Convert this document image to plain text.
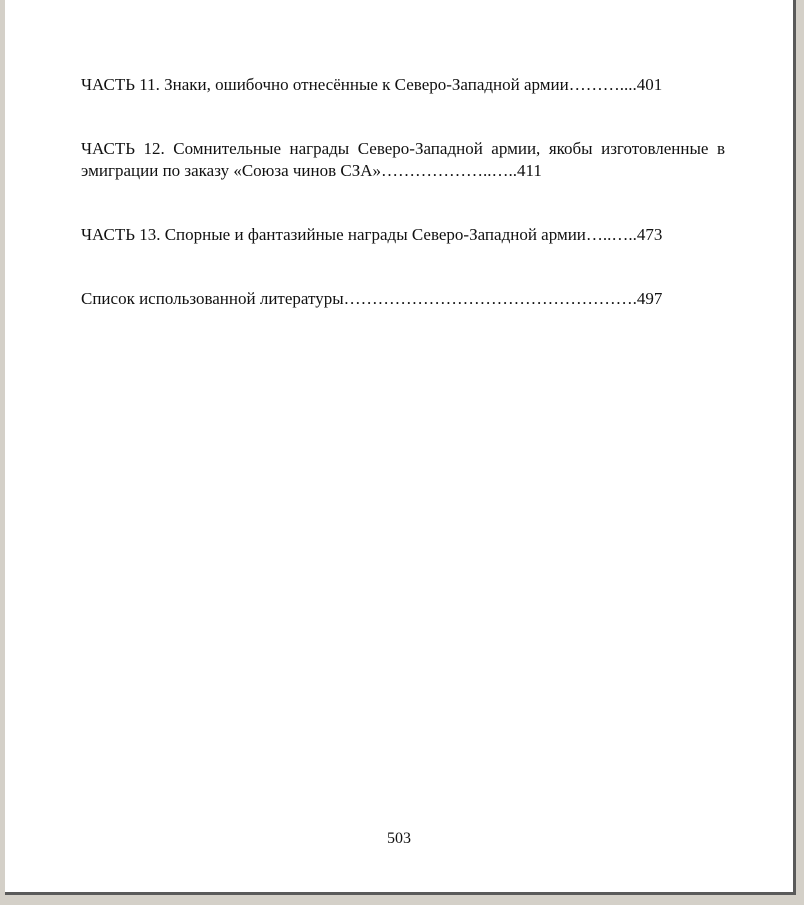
ЧАСТЬ 11. Знаки, ошибочно отнесённые к Северо-Западной армии………....401

ЧАСТЬ 12. Сомнительные награды Северо-Западной армии, якобы изготовленные в эмиграции по заказу «Союза чинов СЗА»………………..…..411

ЧАСТЬ 13. Спорные и фантазийные награды Северо-Западной армии…..…..473

Список использованной литературы…………………………………………….497

503
